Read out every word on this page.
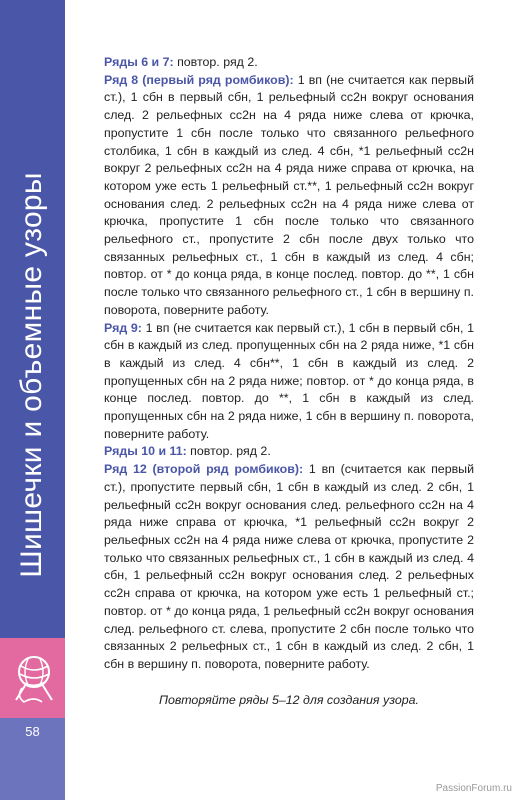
Шишечки и объемные узоры
58

Ряды 6 и 7: повтор. ряд 2.

Ряд 8 (первый ряд ромбиков): 1 вп (не считается как первый ст.), 1 сбн в первый сбн, 1 рельефный сс2н вокруг основания след. 2 рельефных сс2н на 4 ряда ниже слева от крючка, пропустите 1 сбн после только что связанного рельефного столбика, 1 сбн в каждый из след. 4 сбн, *1 рельефный сс2н вокруг 2 рельефных сс2н на 4 ряда ниже справа от крючка, на котором уже есть 1 рельефный ст.**, 1 рельефный сс2н вокруг основания след. 2 рельефных сс2н на 4 ряда ниже слева от крючка, пропустите 1 сбн после только что связанного рельефного ст., пропустите 2 сбн после двух только что связанных рельефных ст., 1 сбн в каждый из след. 4 сбн; повтор. от * до конца ряда, в конце послед. повтор. до **, 1 сбн после только что связанного рельефного ст., 1 сбн в вершину п. поворота, поверните работу.

Ряд 9: 1 вп (не считается как первый ст.), 1 сбн в первый сбн, 1 сбн в каждый из след. пропущенных сбн на 2 ряда ниже, *1 сбн в каждый из след. 4 сбн**, 1 сбн в каждый из след. 2 пропущенных сбн на 2 ряда ниже; повтор. от * до конца ряда, в конце послед. повтор. до **, 1 сбн в каждый из след. пропущенных сбн на 2 ряда ниже, 1 сбн в вершину п. поворота, поверните работу.

Ряды 10 и 11: повтор. ряд 2.

Ряд 12 (второй ряд ромбиков): 1 вп (считается как первый ст.), пропустите первый сбн, 1 сбн в каждый из след. 2 сбн, 1 рельефный сс2н вокруг основания след. рельефного сс2н на 4 ряда ниже справа от крючка, *1 рельефный сс2н вокруг 2 рельефных сс2н на 4 ряда ниже слева от крючка, пропустите 2 только что связанных рельефных ст., 1 сбн в каждый из след. 4 сбн, 1 рельефный сс2н вокруг основания след. 2 рельефных сс2н справа от крючка, на котором уже есть 1 рельефный ст.; повтор. от * до конца ряда, 1 рельефный сс2н вокруг основания след. рельефного ст. слева, пропустите 2 сбн после только что связанных 2 рельефных ст., 1 сбн в каждый из след. 2 сбн, 1 сбн в вершину п. поворота, поверните работу.

Повторяйте ряды 5–12 для создания узора.

PassionForum.ru
